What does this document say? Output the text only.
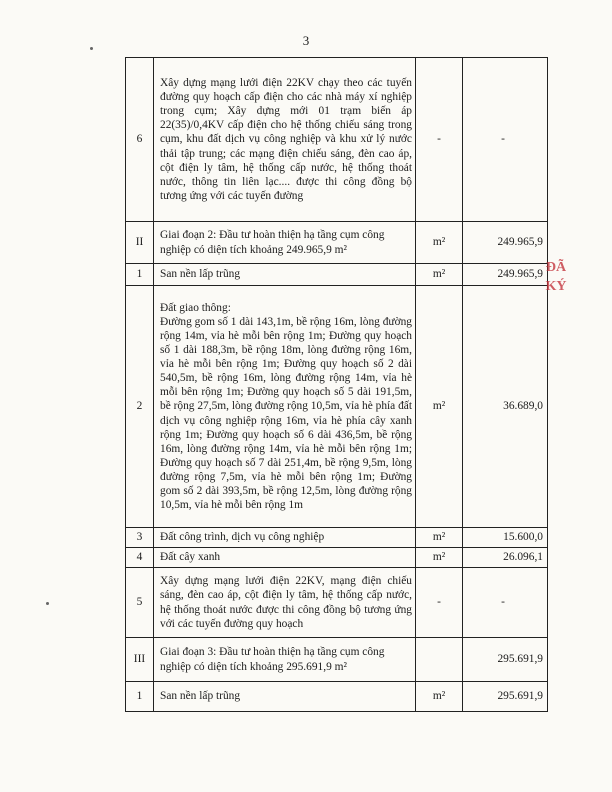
3
6	Xây dựng mạng lưới điện 22KV chạy theo các tuyến đường quy hoạch cấp điện cho các nhà máy xí nghiệp trong cụm; Xây dựng mới 01 trạm biến áp 22(35)/0,4KV cấp điện cho hệ thống chiếu sáng trong cụm, khu đất dịch vụ công nghiệp và khu xử lý nước thải tập trung; các mạng điện chiếu sáng, đèn cao áp, cột điện ly tâm, hệ thống cấp nước, hệ thống thoát nước, thông tin liên lạc.... được thi công đồng bộ tương ứng với các tuyến đường	-	-
II	Giai đoạn 2: Đầu tư hoàn thiện hạ tầng cụm công nghiệp có diện tích khoảng 249.965,9 m²	m²	249.965,9
1	San nền lấp trũng	m²	249.965,9
2	Đất giao thông:
Đường gom số 1 dài 143,1m, bề rộng 16m, lòng đường rộng 14m, vỉa hè mỗi bên rộng 1m; Đường quy hoạch số 1 dài 188,3m, bề rộng 18m, lòng đường rộng 16m, vỉa hè mỗi bên rộng 1m; Đường quy hoạch số 2 dài 540,5m, bề rộng 16m, lòng đường rộng 14m, vỉa hè mỗi bên rộng 1m; Đường quy hoạch số 5 dài 191,5m, bề rộng 27,5m, lòng đường rộng 10,5m, vỉa hè phía đất dịch vụ công nghiệp rộng 16m, vỉa hè phía cây xanh rộng 1m; Đường quy hoạch số 6 dài 436,5m, bề rộng 16m, lòng đường rộng 14m, vỉa hè mỗi bên rộng 1m; Đường quy hoạch số 7 dài 251,4m, bề rộng 9,5m, lòng đường rộng 7,5m, vỉa hè mỗi bên rộng 1m; Đường gom số 2 dài 393,5m, bề rộng 12,5m, lòng đường rộng 10,5m, vỉa hè mỗi bên rộng 1m	m²	36.689,0
3	Đất công trình, dịch vụ công nghiệp	m²	15.600,0
4	Đất cây xanh	m²	26.096,1
5	Xây dựng mạng lưới điện 22KV, mạng điện chiếu sáng, đèn cao áp, cột điện ly tâm, hệ thống cấp nước, hệ thống thoát nước được thi công đồng bộ tương ứng với các tuyến đường quy hoạch	-	-
III	Giai đoạn 3: Đầu tư hoàn thiện hạ tầng cụm công nghiệp có diện tích khoảng 295.691,9 m²		295.691,9
1	San nền lấp trũng	m²	295.691,9
ĐÃ KÝ
